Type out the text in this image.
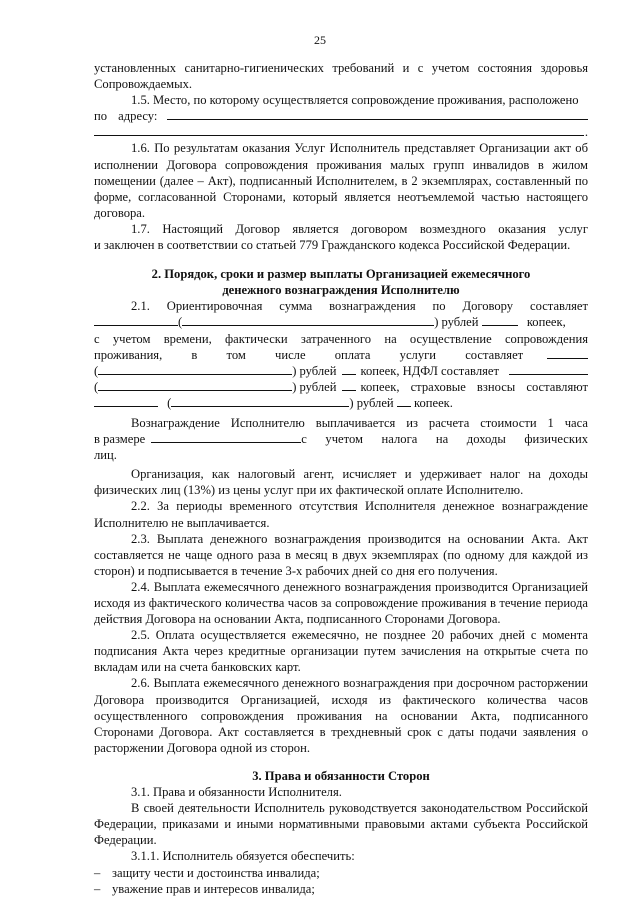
25

установленных санитарно-гигиенических требований и с учетом состояния здоровья

Сопровождаемых.

1.5. Место, по которому осуществляется сопровождение проживания, расположено

по адресу:
.

1.6. По результатам оказания Услуг Исполнитель представляет Организации акт об исполнении Договора сопровождения проживания малых групп инвалидов в жилом помещении (далее – Акт), подписанный Исполнителем, в 2 экземплярах, составленный по форме, согласованной Сторонами, который является неотъемлемой частью настоящего договора.

1.7. Настоящий Договор является договором возмездного оказания услуг

и заключен в соответствии со статьей 779 Гражданского кодекса Российской Федерации.

2. Порядок, сроки и размер выплаты Организацией ежемесячного

денежного вознаграждения Исполнителю

2.1. Ориентировочная сумма вознаграждения по Договору составляет

(	) рублей	копеек,

с учетом времени, фактически затраченного на осуществление сопровождения

проживания, в том числе оплата услуги составляет
(	) рублей копеек, НДФЛ составляет
(	) рублей копеек, страховые взносы составляют
(	) рублей копеек.

Вознаграждение Исполнителю выплачивается из расчета стоимости 1 часа

в размере	с учетом налога на доходы физических

лиц.

Организация, как налоговый агент, исчисляет и удерживает налог на доходы физических лиц (13%) из цены услуг при их фактической оплате Исполнителю.

2.2. За периоды временного отсутствия Исполнителя денежное вознаграждение Исполнителю не выплачивается.

2.3. Выплата денежного вознаграждения производится на основании Акта. Акт составляется не чаще одного раза в месяц в двух экземплярах (по одному для каждой из сторон) и подписывается в течение 3-х рабочих дней со дня его получения.

2.4. Выплата ежемесячного денежного вознаграждения производится Организацией исходя из фактического количества часов за сопровождение проживания в течение периода действия Договора на основании Акта, подписанного Сторонами Договора.

2.5. Оплата осуществляется ежемесячно, не позднее 20 рабочих дней с момента подписания Акта через кредитные организации путем зачисления на открытые счета по вкладам или на счета банковских карт.

2.6. Выплата ежемесячного денежного вознаграждения при досрочном расторжении Договора производится Организацией, исходя из фактического количества часов осуществленного сопровождения проживания на основании Акта, подписанного Сторонами Договора. Акт составляется в трехдневный срок с даты подачи заявления о расторжении Договора одной из сторон.

3. Права и обязанности Сторон

3.1. Права и обязанности Исполнителя.

В своей деятельности Исполнитель руководствуется законодательством Российской Федерации, приказами и иными нормативными правовыми актами субъекта Российской Федерации.

3.1.1. Исполнитель обязуется обеспечить:

– защиту чести и достоинства инвалида;

– уважение прав и интересов инвалида;
